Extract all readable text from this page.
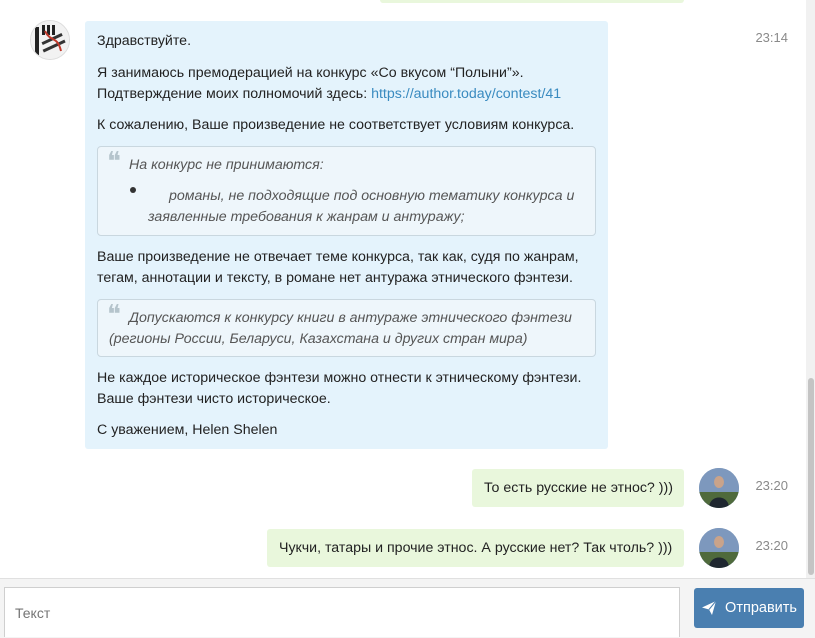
23:14

Здравствуйте.

Я занимаюсь премодерацией на конкурс «Со вкусом “Полыни”».
Подтверждение моих полномочий здесь: https://author.today/contest/41
К сожалению, Ваше произведение не соответствует условиям конкурса.
❝ На конкурс не принимаются:
романы, не подходящие под основную тематику конкурса и
заявленные требования к жанрам и антуражу;
Ваше произведение не отвечает теме конкурса, так как, судя по жанрам,
тегам, аннотации и тексту, в романе нет антуража этнического фэнтези.
❝ Допускаются к конкурсу книги в антураже этнического фэнтези
(регионы России, Беларуси, Казахстана и других стран мира)
Не каждое историческое фэнтези можно отнести к этническому фэнтези.
Ваше фэнтези чисто историческое.
С уважением, Helen Shelen
То есть русские не этнос? )))	23:20
Чукчи, татары и прочие этнос. А русские нет? Так чтоль? )))	23:20
Текст
Отправить
